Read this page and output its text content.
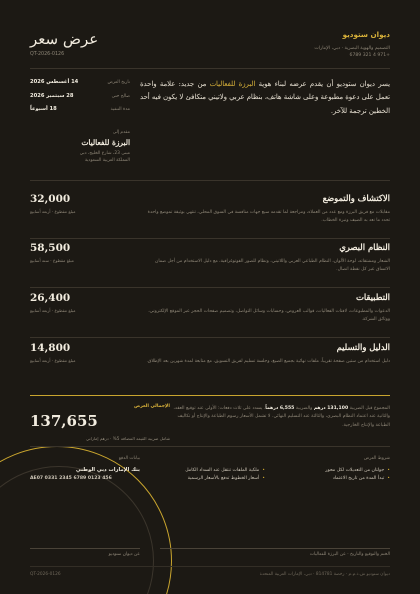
ديوان ستوديو
التصميم والهوية البصرية · دبي، الإمارات
+971 4 321 6789
عرض سعر
QT-2026-0126

يسر ديوان ستوديو أن يقدم عرضه لبناء هوية البرزة للفعاليات من جديد: علامة واحدة تعمل على دعوة مطبوعة وعلى شاشة هاتف، بنظام عربي ولاتيني متكافئ لا يكون فيه أحد الخطين ترجمة للآخر.

تاريخ العرض
14 أغسطس 2026
صالح حتى
28 سبتمبر 2026
مدة التنفيذ
18 أسبوعاً
مقدم إلى
البرزة للفعاليات
مبنى 23، شارع الخليج، دبي
المملكة العربية السعودية
الاكتشاف والتموضع
مقابلات مع فريق البرزة ومع عدد من العملاء، ومراجعة لما تقدمه سبع جهات منافسة في السوق المحلي، تنتهي بوثيقة تموضع واحدة تحدد ما نعد به الضيف ونبرة الخطاب.
32,000
مبلغ مقطوع · أربعة أسابيع
النظام البصري
الشعار ومشتقاته، لوحة الألوان، النظام الطباعي العربي واللاتيني، ونظام للصور الفوتوغرافية، مع دليل الاستخدام من أجل ضمان الاتساق عبر كل نقطة اتصال.
58,500
مبلغ مقطوع · ستة أسابيع
التطبيقات
الدعوات والمطبوعات، لافتات الفعاليات، قوالب العروض، وحسابات وسائل التواصل، وتصميم صفحات الحجز عبر الموقع الإلكتروني، ووثائق الشركة.
26,400
مبلغ مقطوع · أربعة أسابيع
الدليل والتسليم
دليل استخدام من ستين صفحة تقريباً، ملفات نهائية بجميع الصيغ، وجلسة تسليم لفريق التسويق، مع متابعة لمدة شهرين بعد الإطلاق.
14,800
مبلغ مقطوع · أربعة أسابيع
الإجمالي العرض
137,655
شامل ضريبة القيمة المضافة 5% · درهم إماراتي

المجموع قبل الضريبة 131,100 درهم والضريبة 6,555 درهماً. يسدد على ثلاث دفعات: الأولى عند توقيع العقد، والثانية عند اعتماد النظام البصري، والثالثة عند التسليم النهائي. لا تشمل الأسعار رسوم الطباعة والإنتاج أو تكاليف الطباعة والإنتاج الخارجية.

بيانات الدفع
بنك الإمارات دبي الوطني
AE07 0331 2345 6789 0123 456
شروط العرض
•
جولتان من التعديلات لكل محور
•
تبدأ المدة من تاريخ الاعتماد
•
ملكية الملفات تنتقل عند السداد الكامل
•
أسعار الخطوط تدفع بالأسعار الرسمية
عن ديوان ستوديو	الختم والتوقيع والتاريخ · عن البرزة للفعاليات
QT-2026-0126	ديوان ستوديو ش.ذ.م.م · رخصة 814781 · دبي، الإمارات العربية المتحدة
